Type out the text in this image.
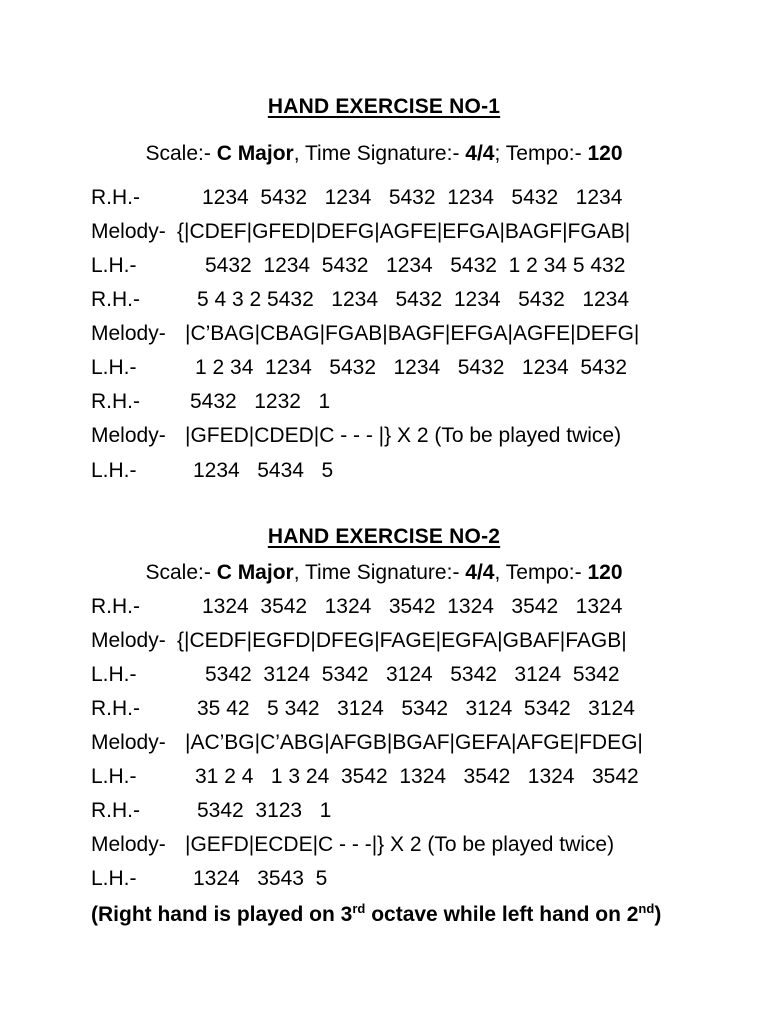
HAND EXERCISE NO-1
Scale:- C Major, Time Signature:- 4/4; Tempo:- 120
R.H.-	1234  5432   1234   5432  1234   5432   1234
Melody- {|CDEF|GFED|DEFG|AGFE|EFGA|BAGF|FGAB|
L.H.-	5432  1234  5432   1234   5432  1 2 34 5 432
R.H.-	5 4 3 2 5432   1234   5432  1234   5432   1234
Melody- |C’BAG|CBAG|FGAB|BAGF|EFGA|AGFE|DEFG|
L.H.-	1 2 34  1234   5432   1234   5432   1234  5432
R.H.- 5432   1232   1
Melody- |GFED|CDED|C - - - |} X 2 (To be played twice)
L.H.-	1234   5434   5
HAND EXERCISE NO-2
Scale:- C Major, Time Signature:- 4/4, Tempo:- 120
R.H.-	1324  3542   1324   3542  1324   3542   1324
Melody- {|CEDF|EGFD|DFEG|FAGE|EGFA|GBAF|FAGB|
L.H.-	5342  3124  5342   3124   5342   3124  5342
R.H.-	35 42   5 342   3124   5342   3124  5342   3124
Melody- |AC’BG|C’ABG|AFGB|BGAF|GEFA|AFGE|FDEG|
L.H.-	31 2 4   1 3 24  3542  1324   3542   1324   3542
R.H.-	5342  3123   1
Melody- |GEFD|ECDE|C - - -|} X 2 (To be played twice)
L.H.-	1324   3543  5
(Right hand is played on 3rd octave while left hand on 2nd)
